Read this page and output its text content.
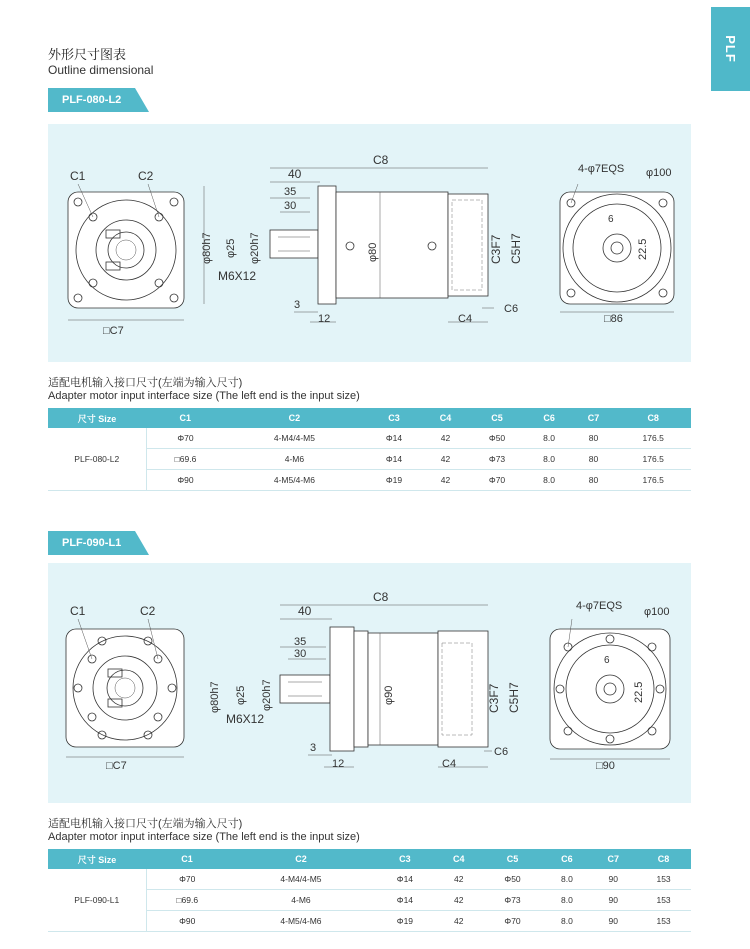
PLF
外形尺寸图表
Outline dimensional
PLF-080-L2
C1	C2
□C7
C8
40
35
30
φ80h7 φ25 φ20h7
M6X12
φ80	C3F7 C5H7
3
12	C4
C6
4-φ7EQS φ100
6
22.5
□86
适配电机输入接口尺寸(左端为输入尺寸)
Adapter motor input interface size (The left end is the input size)
尺寸 Size	C1	C2	C3	C4	C5	C6	C7	C8
PLF-080-L2	Φ70	4-M4/4-M5	Φ14	42	Φ50	8.0	80	176.5
	□69.6	4-M6	Φ14	42	Φ73	8.0	80	176.5
	Φ90	4-M5/4-M6	Φ19	42	Φ70	8.0	80	176.5
PLF-090-L1
C1	C2
□C7
C8
40
35
30
φ80h7 φ25 φ20h7
M6X12
φ90	C3F7 C5H7
3
12	C4
C6
4-φ7EQS φ100
6
22.5
□90
适配电机输入接口尺寸(左端为输入尺寸)
Adapter motor input interface size (The left end is the input size)
尺寸 Size	C1	C2	C3	C4	C5	C6	C7	C8
PLF-090-L1	Φ70	4-M4/4-M5	Φ14	42	Φ50	8.0	90	153
	□69.6	4-M6	Φ14	42	Φ73	8.0	90	153
	Φ90	4-M5/4-M6	Φ19	42	Φ70	8.0	90	153
